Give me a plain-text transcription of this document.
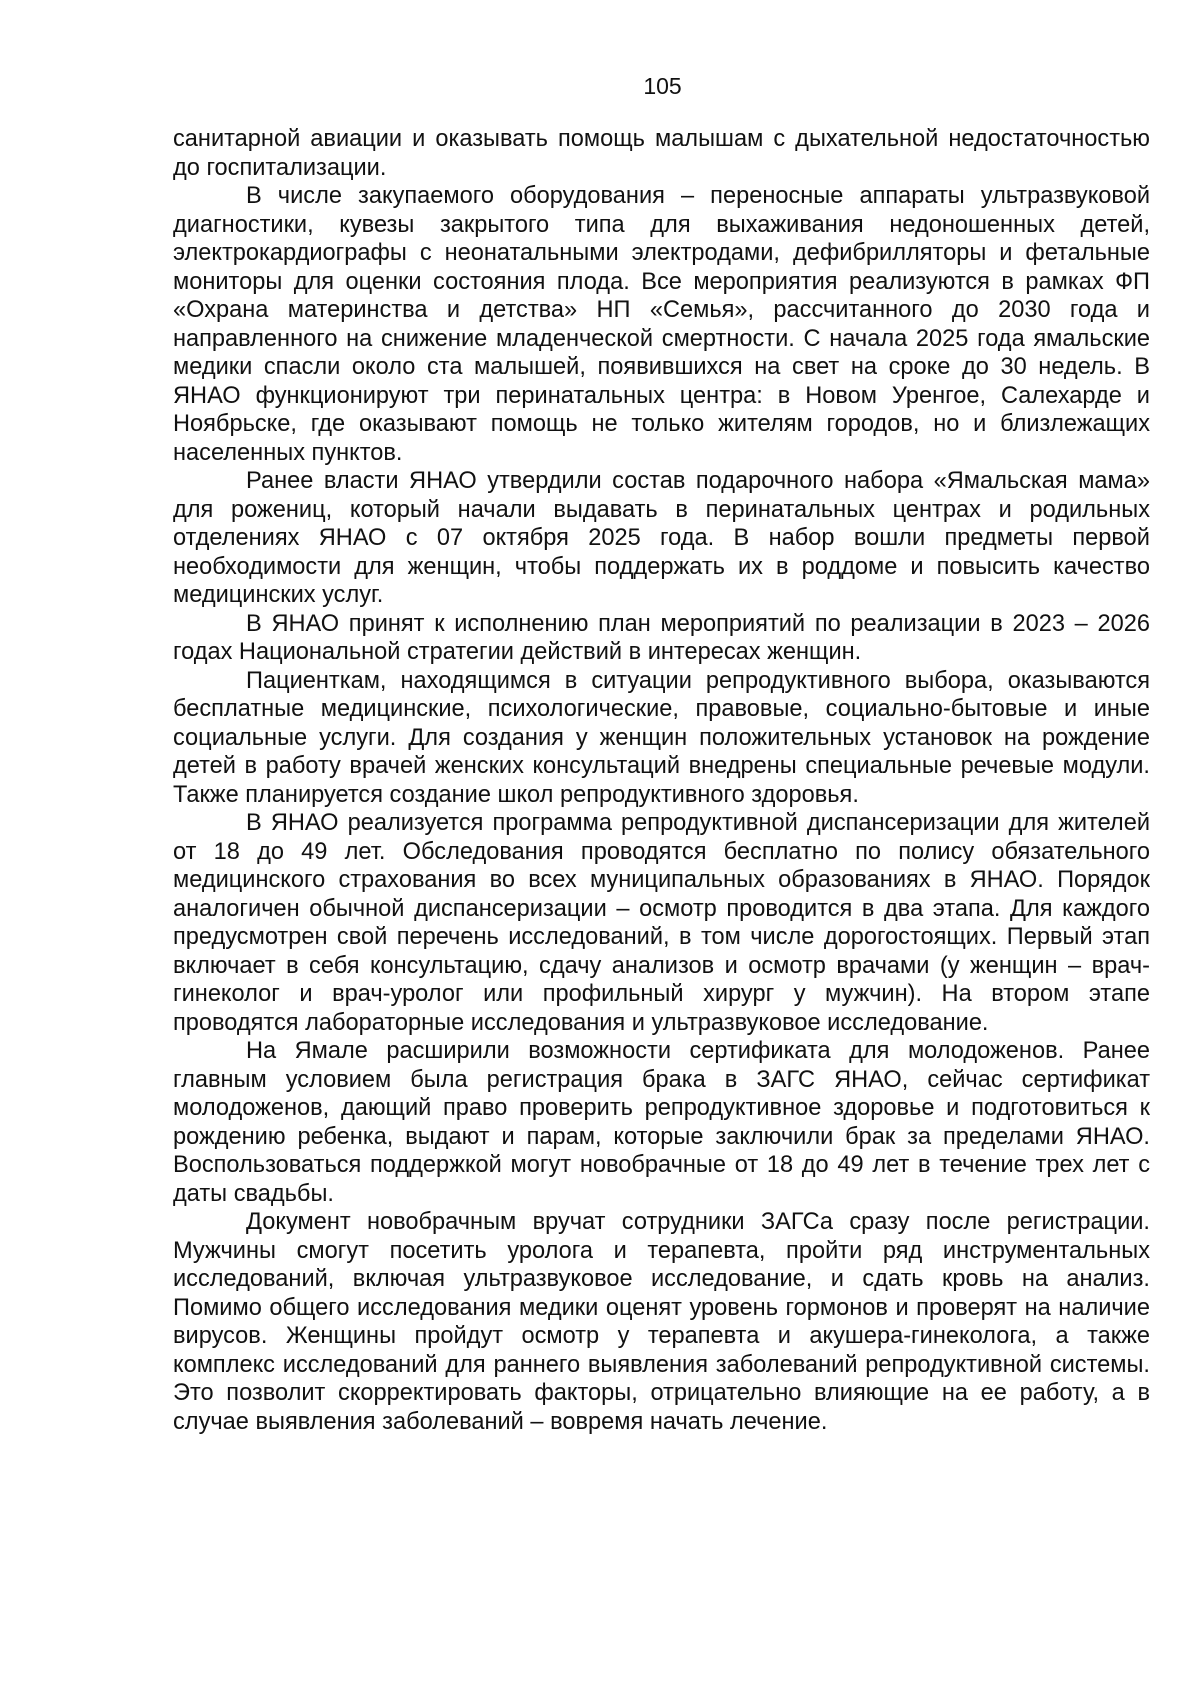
105

санитарной авиации и оказывать помощь малышам с дыхательной недостаточностью до госпитализации.

В числе закупаемого оборудования – переносные аппараты ультразвуковой диагностики, кувезы закрытого типа для выхаживания недоношенных детей, электрокардиографы с неонатальными электродами, дефибрилляторы и фетальные мониторы для оценки состояния плода. Все мероприятия реализуются в рамках ФП «Охрана материнства и детства» НП «Семья», рассчитанного до 2030 года и направленного на снижение младенческой смертности. С начала 2025 года ямальские медики спасли около ста малышей, появившихся на свет на сроке до 30 недель. В ЯНАО функционируют три перинатальных центра: в Новом Уренгое, Салехарде и Ноябрьске, где оказывают помощь не только жителям городов, но и близлежащих населенных пунктов.

Ранее власти ЯНАО утвердили состав подарочного набора «Ямальская мама» для рожениц, который начали выдавать в перинатальных центрах и родильных отделениях ЯНАО с 07 октября 2025 года. В набор вошли предметы первой необходимости для женщин, чтобы поддержать их в роддоме и повысить качество медицинских услуг.

В ЯНАО принят к исполнению план мероприятий по реализации в 2023 – 2026 годах Национальной стратегии действий в интересах женщин.

Пациенткам, находящимся в ситуации репродуктивного выбора, оказываются бесплатные медицинские, психологические, правовые, социально-бытовые и иные социальные услуги. Для создания у женщин положительных установок на рождение детей в работу врачей женских консультаций внедрены специальные речевые модули. Также планируется создание школ репродуктивного здоровья.

В ЯНАО реализуется программа репродуктивной диспансеризации для жителей от 18 до 49 лет. Обследования проводятся бесплатно по полису обязательного медицинского страхования во всех муниципальных образованиях в ЯНАО. Порядок аналогичен обычной диспансеризации – осмотр проводится в два этапа. Для каждого предусмотрен свой перечень исследований, в том числе дорогостоящих. Первый этап включает в себя консультацию, сдачу анализов и осмотр врачами (у женщин – врач-гинеколог и врач-уролог или профильный хирург у мужчин). На втором этапе проводятся лабораторные исследования и ультразвуковое исследование.

На Ямале расширили возможности сертификата для молодоженов. Ранее главным условием была регистрация брака в ЗАГС ЯНАО, сейчас сертификат молодоженов, дающий право проверить репродуктивное здоровье и подготовиться к рождению ребенка, выдают и парам, которые заключили брак за пределами ЯНАО. Воспользоваться поддержкой могут новобрачные от 18 до 49 лет в течение трех лет с даты свадьбы.

Документ новобрачным вручат сотрудники ЗАГСа сразу после регистрации. Мужчины смогут посетить уролога и терапевта, пройти ряд инструментальных исследований, включая ультразвуковое исследование, и сдать кровь на анализ. Помимо общего исследования медики оценят уровень гормонов и проверят на наличие вирусов. Женщины пройдут осмотр у терапевта и акушера-гинеколога, а также комплекс исследований для раннего выявления заболеваний репродуктивной системы. Это позволит скорректировать факторы, отрицательно влияющие на ее работу, а в случае выявления заболеваний – вовремя начать лечение.
